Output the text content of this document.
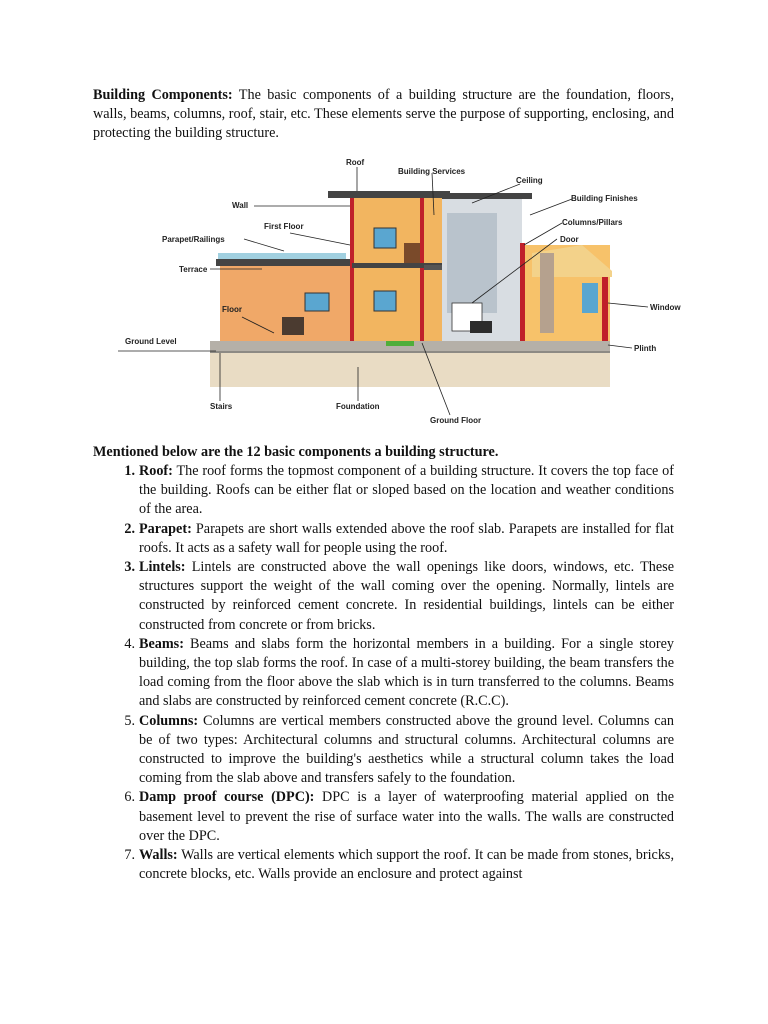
Building Components: The basic components of a building structure are the foundation, floors, walls, beams, columns, roof, stair, etc. These elements serve the purpose of supporting, enclosing, and protecting the building structure.

Roof
Building Services
Ceiling
Building Finishes
Wall
First Floor	Columns/Pillars
Parapet/Railings	Door
Terrace
Window
Floor
Ground Level
Plinth
Stairs	Foundation
Ground Floor
Mentioned below are the 12 basic components a building structure.
1. Roof: The roof forms the topmost component of a building structure. It covers the top face of the building. Roofs can be either flat or sloped based on the location and weather conditions of the area.
2. Parapet: Parapets are short walls extended above the roof slab. Parapets are installed for flat roofs. It acts as a safety wall for people using the roof.
3. Lintels: Lintels are constructed above the wall openings like doors, windows, etc. These structures support the weight of the wall coming over the opening. Normally, lintels are constructed by reinforced cement concrete. In residential buildings, lintels can be either constructed from concrete or from bricks.
4. Beams: Beams and slabs form the horizontal members in a building. For a single storey building, the top slab forms the roof. In case of a multi-storey building, the beam transfers the load coming from the floor above the slab which is in turn transferred to the columns. Beams and slabs are constructed by reinforced cement concrete (R.C.C).
5. Columns: Columns are vertical members constructed above the ground level. Columns can be of two types: Architectural columns and structural columns. Architectural columns are constructed to improve the building's aesthetics while a structural column takes the load coming from the slab above and transfers safely to the foundation.
6. Damp proof course (DPC): DPC is a layer of waterproofing material applied on the basement level to prevent the rise of surface water into the walls. The walls are constructed over the DPC.
7. Walls: Walls are vertical elements which support the roof. It can be made from stones, bricks, concrete blocks, etc. Walls provide an enclosure and protect against
